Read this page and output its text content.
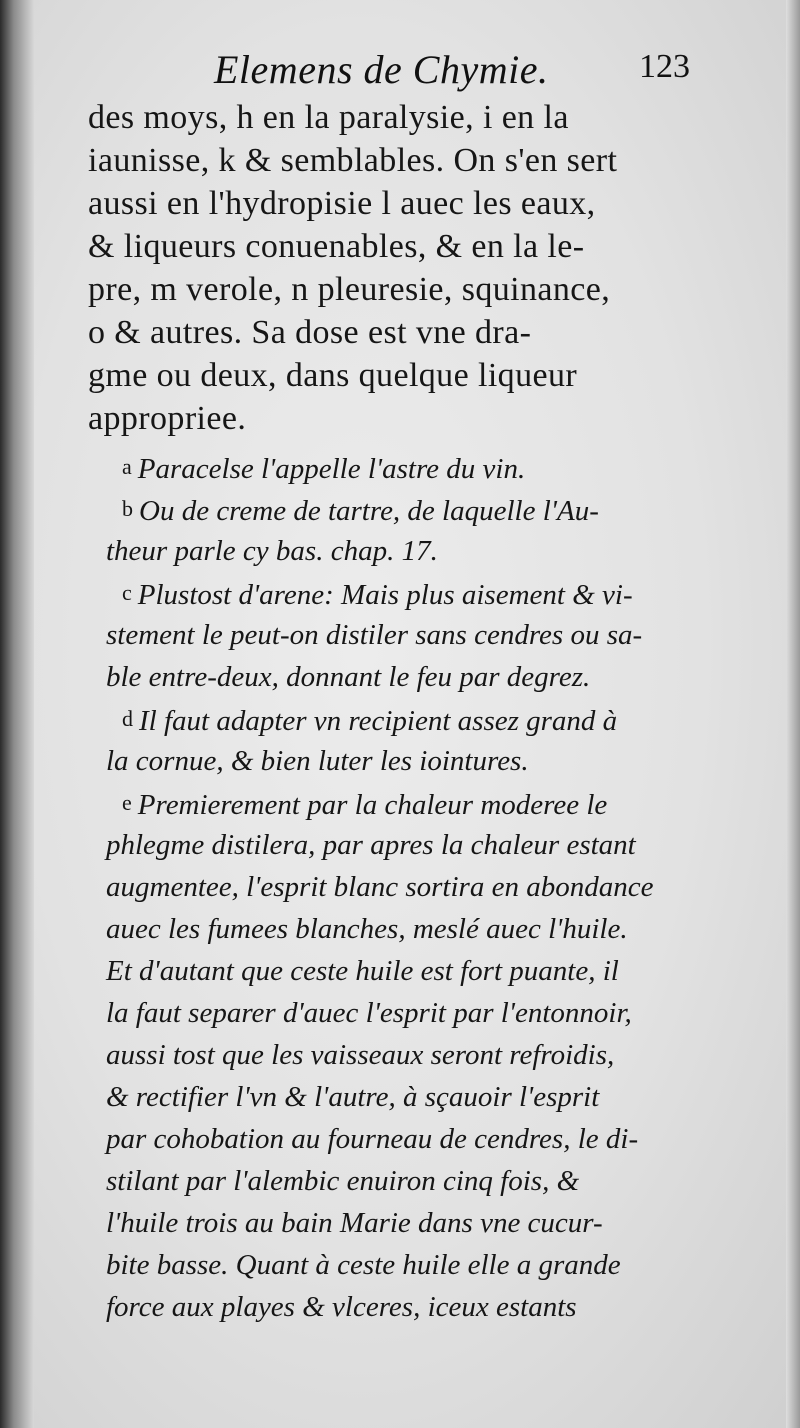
Elemens de Chymie.	123
des moys, h en la paralysie, i en la
iaunisse, k & semblables. On s'en sert
aussi en l'hydropisie l auec les eaux,
& liqueurs conuenables, & en la le-
pre, m verole, n pleuresie, squinance,
o & autres. Sa dose est vne dra-
gme ou deux, dans quelque liqueur
appropriee.
a Paracelse l'appelle l'astre du vin.
b Ou de creme de tartre, de laquelle l'Au-
theur parle cy bas. chap. 17.
c Plustost d'arene: Mais plus aisement & vi-
stement le peut-on distiler sans cendres ou sa-
ble entre-deux, donnant le feu par degrez.
d Il faut adapter vn recipient assez grand à
la cornue, & bien luter les iointures.
e Premierement par la chaleur moderee le
phlegme distilera, par apres la chaleur estant
augmentee, l'esprit blanc sortira en abondance
auec les fumees blanches, meslé auec l'huile.
Et d'autant que ceste huile est fort puante, il
la faut separer d'auec l'esprit par l'entonnoir,
aussi tost que les vaisseaux seront refroidis,
& rectifier l'vn & l'autre, à sçauoir l'esprit
par cohobation au fourneau de cendres, le di-
stilant par l'alembic enuiron cinq fois, &
l'huile trois au bain Marie dans vne cucur-
bite basse. Quant à ceste huile elle a grande
force aux playes & vlceres, iceux estants
